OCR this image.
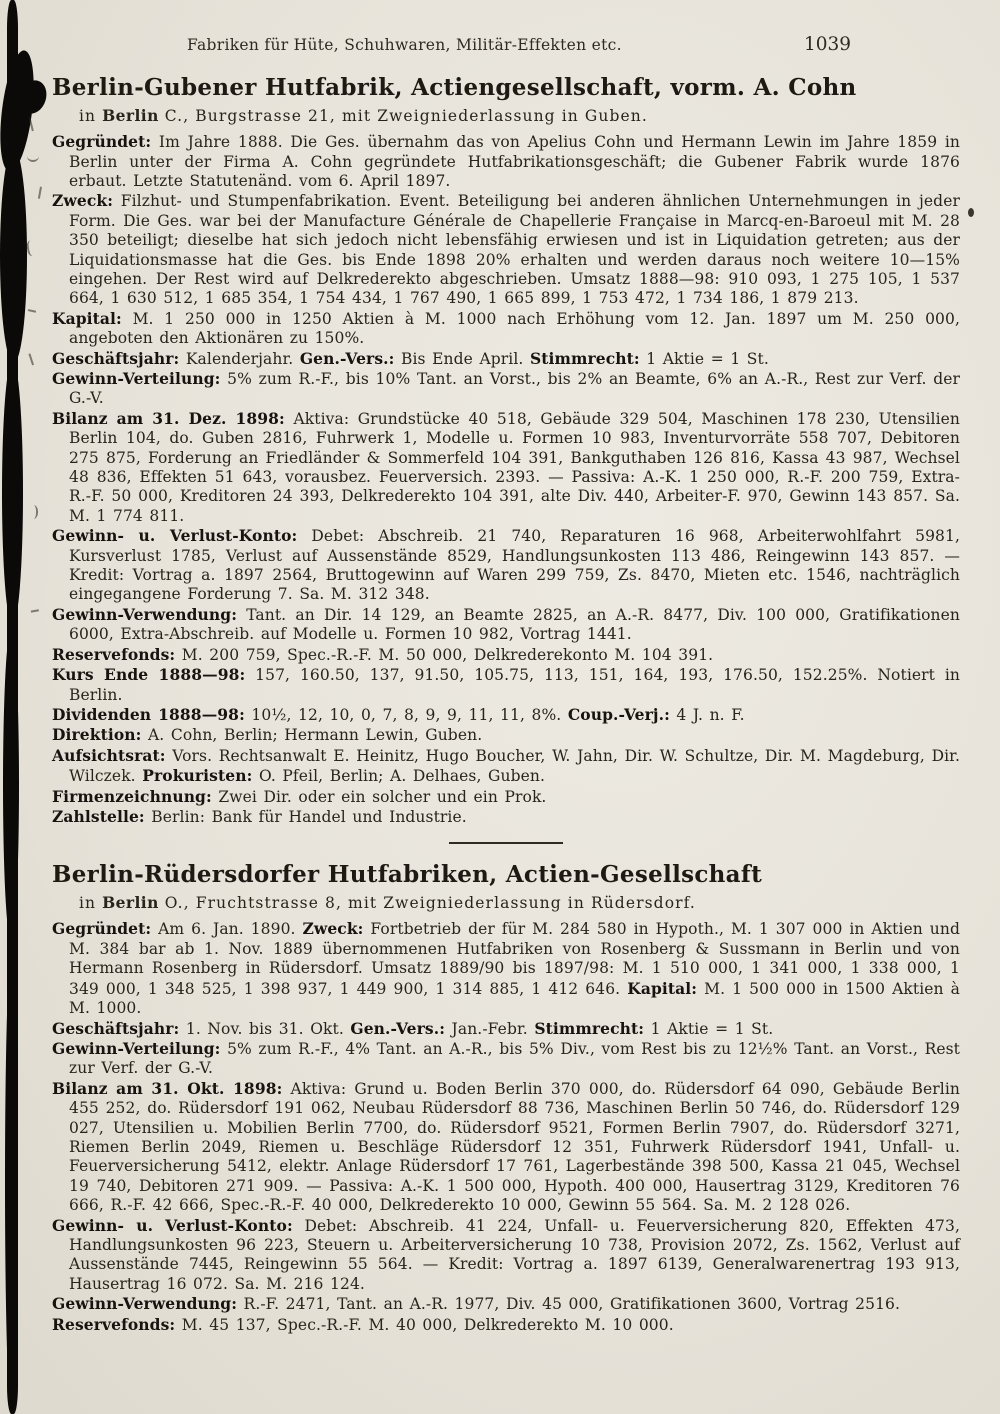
Fabriken für Hüte, Schuhwaren, Militär-Effekten etc.	1039
Berlin-Gubener Hutfabrik, Actiengesellschaft, vorm. A. Cohn

in Berlin C., Burgstrasse 21, mit Zweigniederlassung in Guben.

Gegründet: Im Jahre 1888. Die Ges. übernahm das von Apelius Cohn und Hermann Lewin im Jahre 1859 in Berlin unter der Firma A. Cohn gegründete Hutfabrikationsgeschäft; die Gubener Fabrik wurde 1876 erbaut. Letzte Statutenänd. vom 6. April 1897.

Zweck: Filzhut- und Stumpenfabrikation. Event. Beteiligung bei anderen ähnlichen Unternehmungen in jeder Form. Die Ges. war bei der Manufacture Générale de Chapellerie Française in Marcq-en-Baroeul mit M. 28 350 beteiligt; dieselbe hat sich jedoch nicht lebensfähig erwiesen und ist in Liquidation getreten; aus der Liquidationsmasse hat die Ges. bis Ende 1898 20% erhalten und werden daraus noch weitere 10—15% eingehen. Der Rest wird auf Delkrederekto abgeschrieben. Umsatz 1888—98: 910 093, 1 275 105, 1 537 664, 1 630 512, 1 685 354, 1 754 434, 1 767 490, 1 665 899, 1 753 472, 1 734 186, 1 879 213.

Kapital: M. 1 250 000 in 1250 Aktien à M. 1000 nach Erhöhung vom 12. Jan. 1897 um M. 250 000, angeboten den Aktionären zu 150%.

Geschäftsjahr: Kalenderjahr. Gen.-Vers.: Bis Ende April. Stimmrecht: 1 Aktie = 1 St.

Gewinn-Verteilung: 5% zum R.-F., bis 10% Tant. an Vorst., bis 2% an Beamte, 6% an A.-R., Rest zur Verf. der G.-V.

Bilanz am 31. Dez. 1898: Aktiva: Grundstücke 40 518, Gebäude 329 504, Maschinen 178 230, Utensilien Berlin 104, do. Guben 2816, Fuhrwerk 1, Modelle u. Formen 10 983, Inventurvorräte 558 707, Debitoren 275 875, Forderung an Friedländer & Sommerfeld 104 391, Bankguthaben 126 816, Kassa 43 987, Wechsel 48 836, Effekten 51 643, vorausbez. Feuerversich. 2393. — Passiva: A.-K. 1 250 000, R.-F. 200 759, Extra-R.-F. 50 000, Kreditoren 24 393, Delkrederekto 104 391, alte Div. 440, Arbeiter-F. 970, Gewinn 143 857. Sa. M. 1 774 811.

Gewinn- u. Verlust-Konto: Debet: Abschreib. 21 740, Reparaturen 16 968, Arbeiterwohlfahrt 5981, Kursverlust 1785, Verlust auf Aussenstände 8529, Handlungsunkosten 113 486, Reingewinn 143 857. — Kredit: Vortrag a. 1897 2564, Bruttogewinn auf Waren 299 759, Zs. 8470, Mieten etc. 1546, nachträglich eingegangene Forderung 7. Sa. M. 312 348.

Gewinn-Verwendung: Tant. an Dir. 14 129, an Beamte 2825, an A.-R. 8477, Div. 100 000, Gratifikationen 6000, Extra-Abschreib. auf Modelle u. Formen 10 982, Vortrag 1441.

Reservefonds: M. 200 759, Spec.-R.-F. M. 50 000, Delkrederekonto M. 104 391.

Kurs Ende 1888—98: 157, 160.50, 137, 91.50, 105.75, 113, 151, 164, 193, 176.50, 152.25%. Notiert in Berlin.

Dividenden 1888—98: 10½, 12, 10, 0, 7, 8, 9, 9, 11, 11, 8%. Coup.-Verj.: 4 J. n. F.

Direktion: A. Cohn, Berlin; Hermann Lewin, Guben.

Aufsichtsrat: Vors. Rechtsanwalt E. Heinitz, Hugo Boucher, W. Jahn, Dir. W. Schultze, Dir. M. Magdeburg, Dir. Wilczek. Prokuristen: O. Pfeil, Berlin; A. Delhaes, Guben.

Firmenzeichnung: Zwei Dir. oder ein solcher und ein Prok.

Zahlstelle: Berlin: Bank für Handel und Industrie.

Berlin-Rüdersdorfer Hutfabriken, Actien-Gesellschaft

in Berlin O., Fruchtstrasse 8, mit Zweigniederlassung in Rüdersdorf.

Gegründet: Am 6. Jan. 1890. Zweck: Fortbetrieb der für M. 284 580 in Hypoth., M. 1 307 000 in Aktien und M. 384 bar ab 1. Nov. 1889 übernommenen Hutfabriken von Rosenberg & Sussmann in Berlin und von Hermann Rosenberg in Rüdersdorf. Umsatz 1889/90 bis 1897/98: M. 1 510 000, 1 341 000, 1 338 000, 1 349 000, 1 348 525, 1 398 937, 1 449 900, 1 314 885, 1 412 646. Kapital: M. 1 500 000 in 1500 Aktien à M. 1000.

Geschäftsjahr: 1. Nov. bis 31. Okt. Gen.-Vers.: Jan.-Febr. Stimmrecht: 1 Aktie = 1 St.

Gewinn-Verteilung: 5% zum R.-F., 4% Tant. an A.-R., bis 5% Div., vom Rest bis zu 12½% Tant. an Vorst., Rest zur Verf. der G.-V.

Bilanz am 31. Okt. 1898: Aktiva: Grund u. Boden Berlin 370 000, do. Rüdersdorf 64 090, Gebäude Berlin 455 252, do. Rüdersdorf 191 062, Neubau Rüdersdorf 88 736, Maschinen Berlin 50 746, do. Rüdersdorf 129 027, Utensilien u. Mobilien Berlin 7700, do. Rüdersdorf 9521, Formen Berlin 7907, do. Rüdersdorf 3271, Riemen Berlin 2049, Riemen u. Beschläge Rüdersdorf 12 351, Fuhrwerk Rüdersdorf 1941, Unfall- u. Feuerversicherung 5412, elektr. Anlage Rüdersdorf 17 761, Lagerbestände 398 500, Kassa 21 045, Wechsel 19 740, Debitoren 271 909. — Passiva: A.-K. 1 500 000, Hypoth. 400 000, Hausertrag 3129, Kreditoren 76 666, R.-F. 42 666, Spec.-R.-F. 40 000, Delkrederekto 10 000, Gewinn 55 564. Sa. M. 2 128 026.

Gewinn- u. Verlust-Konto: Debet: Abschreib. 41 224, Unfall- u. Feuerversicherung 820, Effekten 473, Handlungsunkosten 96 223, Steuern u. Arbeiterversicherung 10 738, Provision 2072, Zs. 1562, Verlust auf Aussenstände 7445, Reingewinn 55 564. — Kredit: Vortrag a. 1897 6139, Generalwarenertrag 193 913, Hausertrag 16 072. Sa. M. 216 124.

Gewinn-Verwendung: R.-F. 2471, Tant. an A.-R. 1977, Div. 45 000, Gratifikationen 3600, Vortrag 2516.

Reservefonds: M. 45 137, Spec.-R.-F. M. 40 000, Delkrederekto M. 10 000.
